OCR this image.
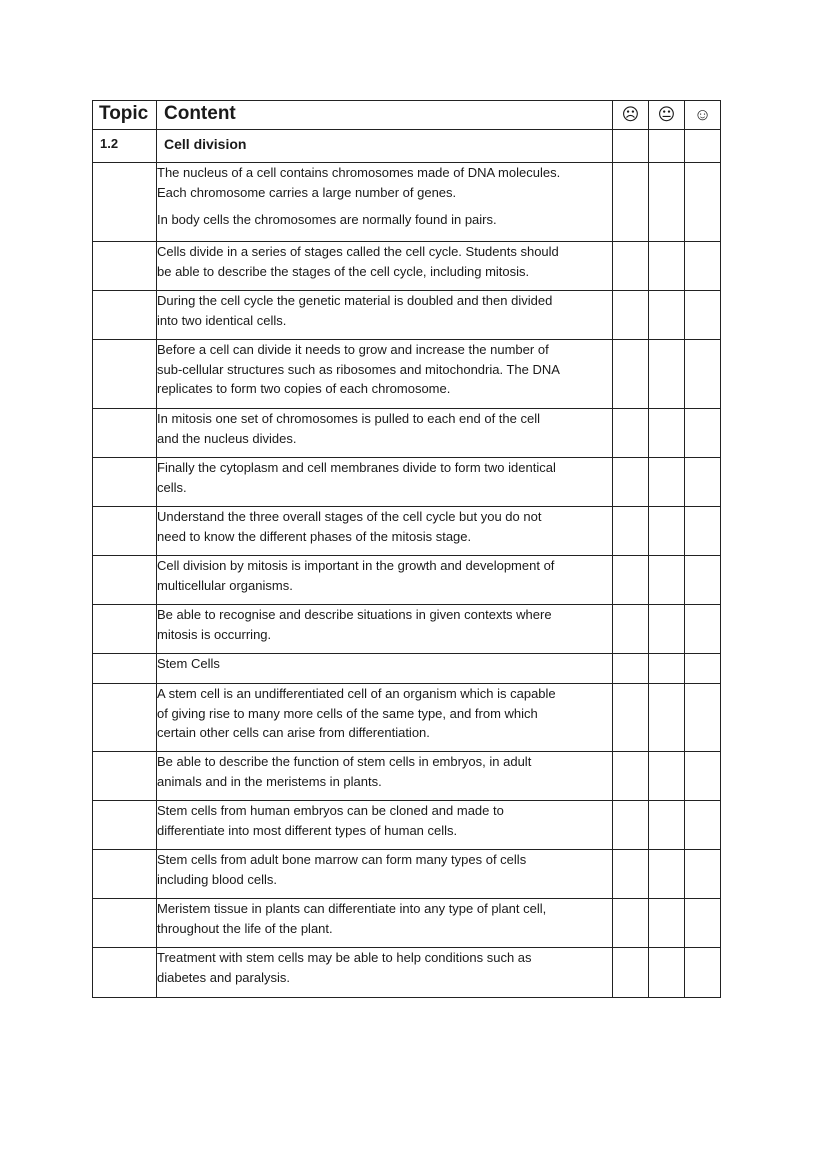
Topic	Content	☹	😐	☺
1.2	Cell division			

	The nucleus of a cell contains chromosomes made of DNA molecules.
Each chromosome carries a large number of genes.

In body cells the chromosomes are normally found in pairs.			

	Cells divide in a series of stages called the cell cycle. Students should
be able to describe the stages of the cell cycle, including mitosis.			

	During the cell cycle the genetic material is doubled and then divided
into two identical cells.			

	Before a cell can divide it needs to grow and increase the number of
sub-cellular structures such as ribosomes and mitochondria. The DNA
replicates to form two copies of each chromosome.			

	In mitosis one set of chromosomes is pulled to each end of the cell
and the nucleus divides.			

	Finally the cytoplasm and cell membranes divide to form two identical
cells.			

	Understand the three overall stages of the cell cycle but you do not
need to know the different phases of the mitosis stage.			

	Cell division by mitosis is important in the growth and development of
multicellular organisms.			

	Be able to recognise and describe situations in given contexts where
mitosis is occurring.			

	Stem Cells			

	A stem cell is an undifferentiated cell of an organism which is capable
of giving rise to many more cells of the same type, and from which
certain other cells can arise from differentiation.			

	Be able to describe the function of stem cells in embryos, in adult
animals and in the meristems in plants.			

	Stem cells from human embryos can be cloned and made to
differentiate into most different types of human cells.			

	Stem cells from adult bone marrow can form many types of cells
including blood cells.			

	Meristem tissue in plants can differentiate into any type of plant cell,
throughout the life of the plant.			

	Treatment with stem cells may be able to help conditions such as
diabetes and paralysis.			
